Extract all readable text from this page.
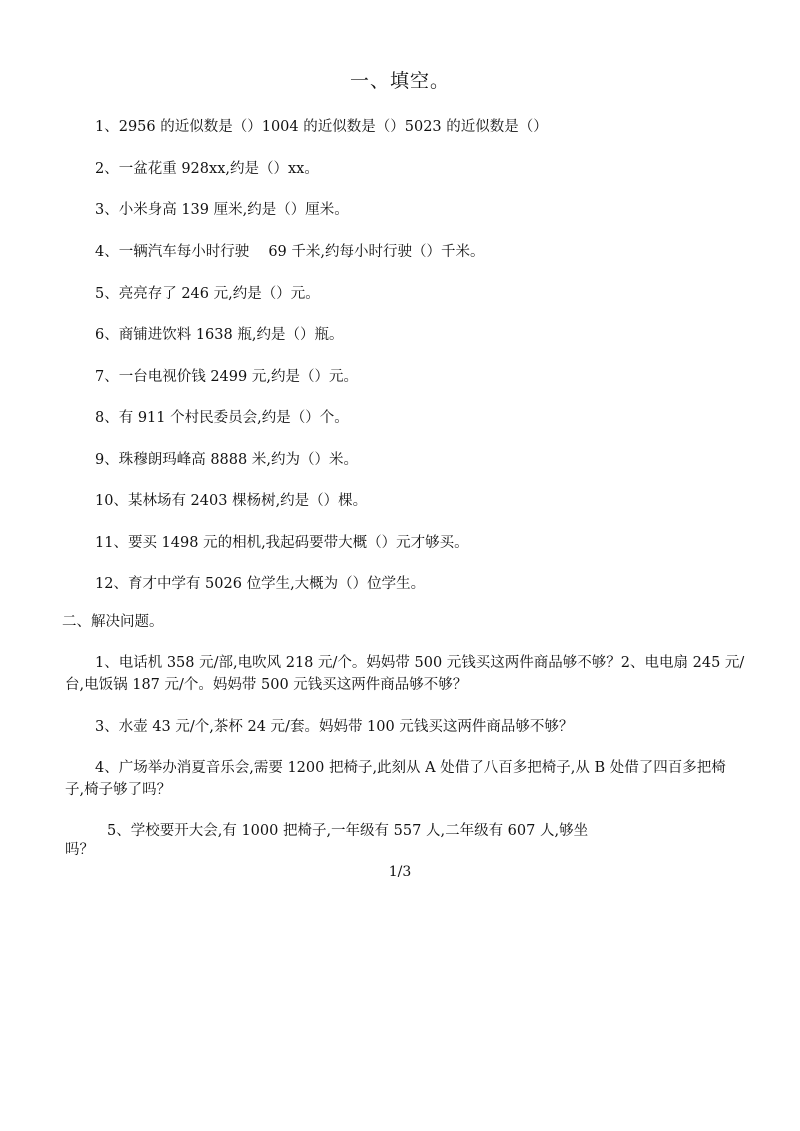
一、填空。
1、2956 的近似数是（）1004 的近似数是（）5023 的近似数是（）
2、一盆花重 928xx,约是（）xx。
3、小米身高 139 厘米,约是（）厘米。
4、一辆汽车每小时行驶　 69 千米,约每小时行驶（）千米。
5、亮亮存了 246 元,约是（）元。
6、商铺进饮料 1638 瓶,约是（）瓶。
7、一台电视价钱 2499 元,约是（）元。
8、有 911 个村民委员会,约是（）个。
9、珠穆朗玛峰高 8888 米,约为（）米。
10、某林场有 2403 棵杨树,约是（）棵。
11、要买 1498 元的相机,我起码要带大概（）元才够买。
12、育才中学有 5026 位学生,大概为（）位学生。
二、解决问题。
1、电话机 358 元/部,电吹风 218 元/个。妈妈带 500 元钱买这两件商品够不够？2、电电扇 245 元/
台,电饭锅 187 元/个。妈妈带 500 元钱买这两件商品够不够？
3、水壶 43 元/个,茶杯 24 元/套。妈妈带 100 元钱买这两件商品够不够？
4、广场举办消夏音乐会,需要 1200 把椅子,此刻从 A 处借了八百多把椅子,从 B 处借了四百多把椅
子,椅子够了吗？
5、学校要开大会,有 1000 把椅子,一年级有 557 人,二年级有 607 人,够坐
吗？
1/3
